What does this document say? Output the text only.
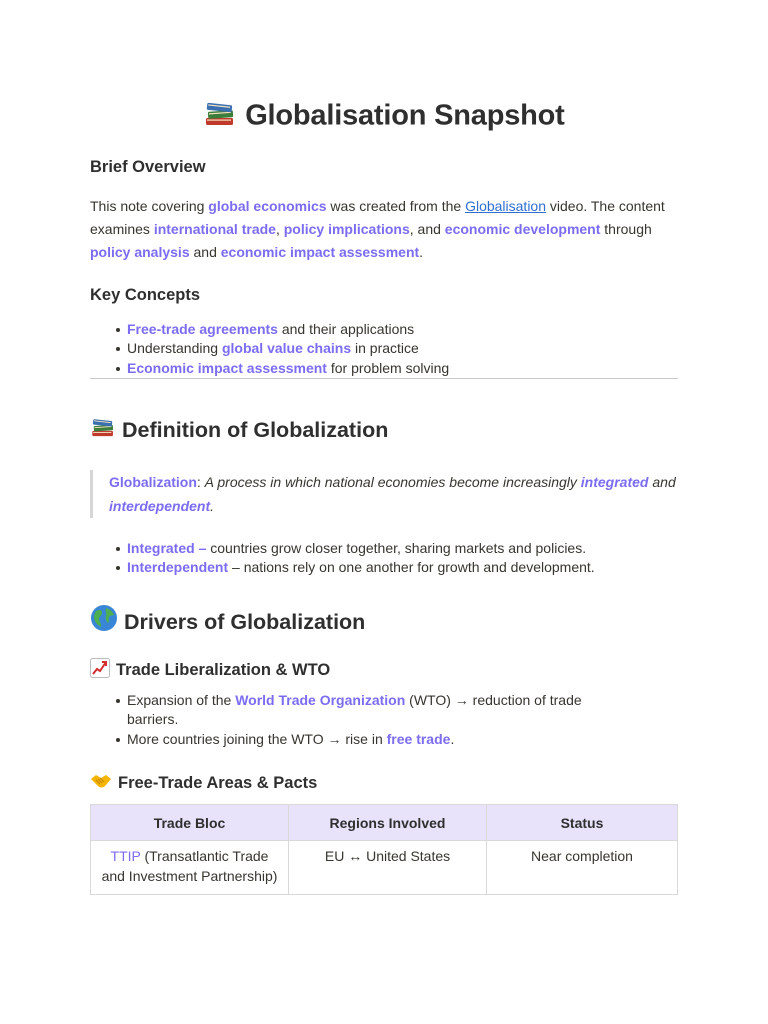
Globalisation Snapshot
Brief Overview

This note covering global economics was created from the Globalisation video. The content examines international trade, policy implications, and economic development through policy analysis and economic impact assessment.

Key Concepts
Free-trade agreements and their applications
Understanding global value chains in practice
Economic impact assessment for problem solving
Definition of Globalization

Globalization: A process in which national economies become increasingly integrated and interdependent.

Integrated – countries grow closer together, sharing markets and policies.
Interdependent – nations rely on one another for growth and development.
Drivers of Globalization
Trade Liberalization & WTO
Expansion of the World Trade Organization (WTO) → reduction of trade barriers.
More countries joining the WTO → rise in free trade.
Free-Trade Areas & Pacts
Trade Bloc	Regions Involved	Status
TTIP (Transatlantic Trade and Investment Partnership)	EU ↔ United States	Near completion
